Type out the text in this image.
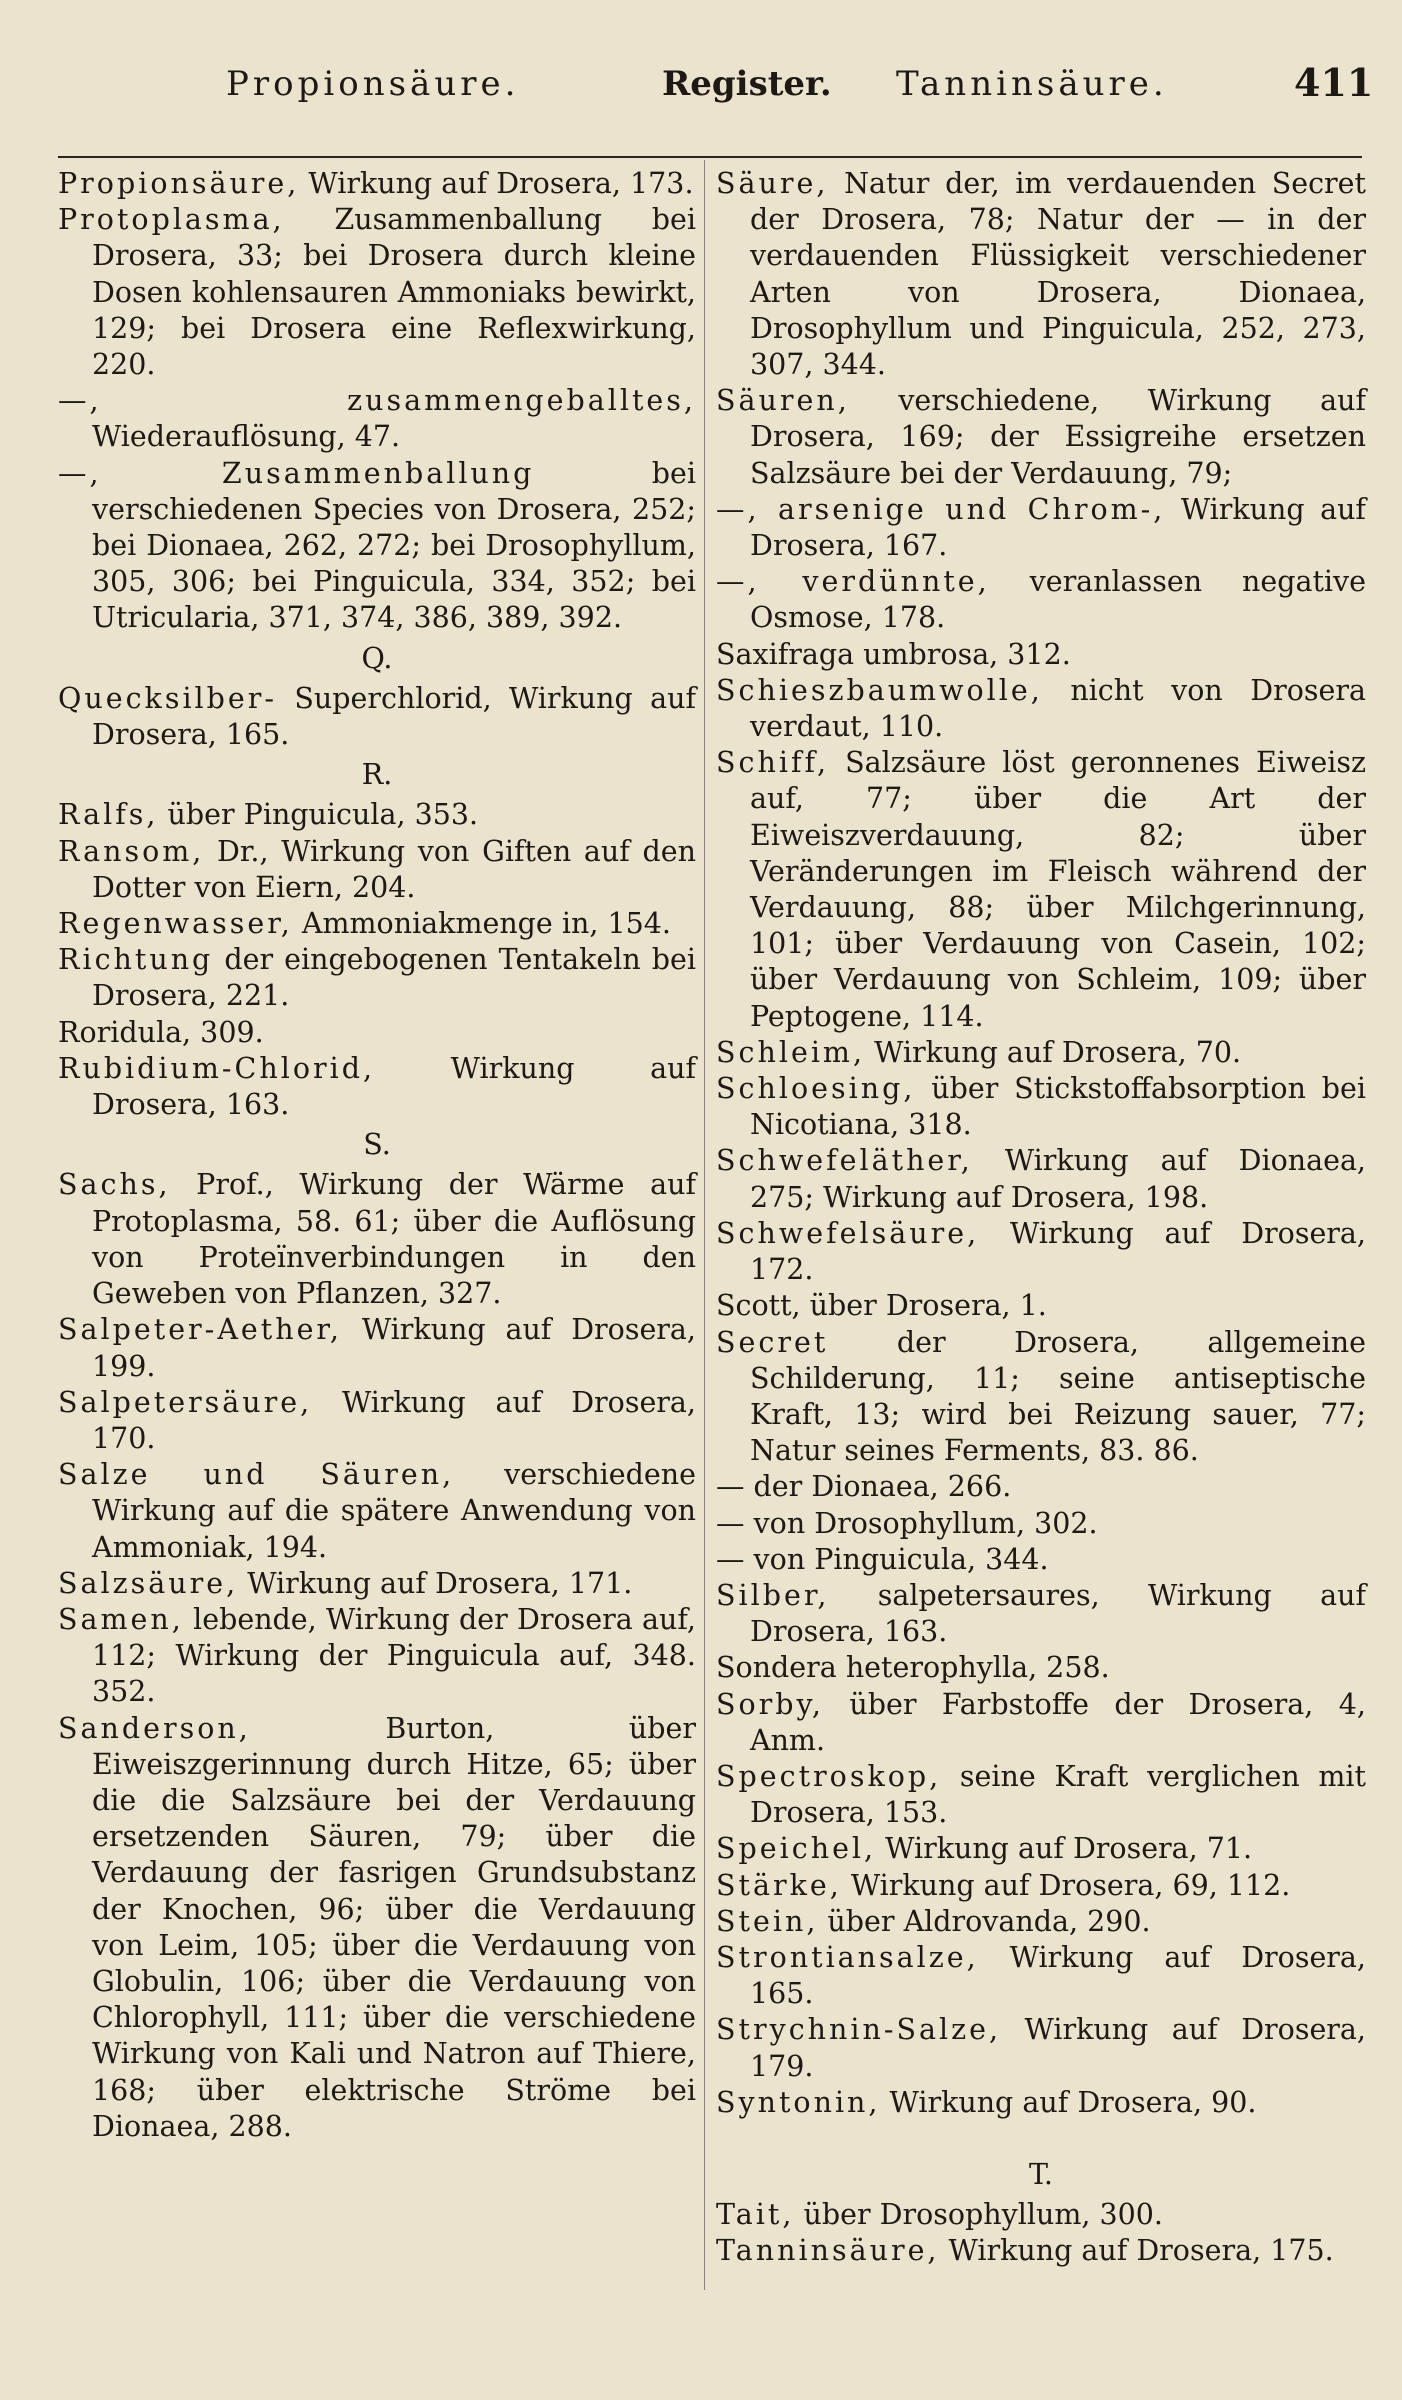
Propionsäure.	Register. Tanninsäure.	411

Propionsäure, Wirkung auf Drosera, 173.

Protoplasma, Zusammenballung bei Drosera, 33; bei Drosera durch kleine Dosen kohlensauren Ammoniaks bewirkt, 129; bei Drosera eine Reflexwirkung, 220.

—, zusammengeballtes, Wiederauflösung, 47.

—, Zusammenballung bei verschiedenen Species von Drosera, 252; bei Dionaea, 262, 272; bei Drosophyllum, 305, 306; bei Pinguicula, 334, 352; bei Utricularia, 371, 374, 386, 389, 392.

Q.

Quecksilber- Superchlorid, Wirkung auf Drosera, 165.

R.

Ralfs, über Pinguicula, 353.

Ransom, Dr., Wirkung von Giften auf den Dotter von Eiern, 204.

Regenwasser, Ammoniakmenge in, 154.

Richtung der eingebogenen Tentakeln bei Drosera, 221.

Roridula, 309.

Rubidium-Chlorid, Wirkung auf Drosera, 163.

S.

Sachs, Prof., Wirkung der Wärme auf Protoplasma, 58. 61; über die Auflösung von Proteïnverbindungen in den Geweben von Pflanzen, 327.

Salpeter-Aether, Wirkung auf Drosera, 199.

Salpetersäure, Wirkung auf Drosera, 170.

Salze und Säuren, verschiedene Wirkung auf die spätere Anwendung von Ammoniak, 194.

Salzsäure, Wirkung auf Drosera, 171.

Samen, lebende, Wirkung der Drosera auf, 112; Wirkung der Pinguicula auf, 348. 352.

Sanderson, Burton, über Eiweiszgerinnung durch Hitze, 65; über die die Salzsäure bei der Verdauung ersetzenden Säuren, 79; über die Verdauung der fasrigen Grundsubstanz der Knochen, 96; über die Verdauung von Leim, 105; über die Verdauung von Globulin, 106; über die Verdauung von Chlorophyll, 111; über die verschiedene Wirkung von Kali und Natron auf Thiere, 168; über elektrische Ströme bei Dionaea, 288.

Säure, Natur der, im verdauenden Secret der Drosera, 78; Natur der — in der verdauenden Flüssigkeit verschiedener Arten von Drosera, Dionaea, Drosophyllum und Pinguicula, 252, 273, 307, 344.

Säuren, verschiedene, Wirkung auf Drosera, 169; der Essigreihe ersetzen Salzsäure bei der Verdauung, 79;

—, arsenige und Chrom-, Wirkung auf Drosera, 167.

—, verdünnte, veranlassen negative Osmose, 178.

Saxifraga umbrosa, 312.

Schieszbaumwolle, nicht von Drosera verdaut, 110.

Schiff, Salzsäure löst geronnenes Eiweisz auf, 77; über die Art der Eiweiszverdauung, 82; über Veränderungen im Fleisch während der Verdauung, 88; über Milchgerinnung, 101; über Verdauung von Casein, 102; über Verdauung von Schleim, 109; über Peptogene, 114.

Schleim, Wirkung auf Drosera, 70.

Schloesing, über Stickstoffabsorption bei Nicotiana, 318.

Schwefeläther, Wirkung auf Dionaea, 275; Wirkung auf Drosera, 198.

Schwefelsäure, Wirkung auf Drosera, 172.

Scott, über Drosera, 1.

Secret der Drosera, allgemeine Schilderung, 11; seine antiseptische Kraft, 13; wird bei Reizung sauer, 77; Natur seines Ferments, 83. 86.

— der Dionaea, 266.

— von Drosophyllum, 302.

— von Pinguicula, 344.

Silber, salpetersaures, Wirkung auf Drosera, 163.

Sondera heterophylla, 258.

Sorby, über Farbstoffe der Drosera, 4, Anm.

Spectroskop, seine Kraft verglichen mit Drosera, 153.

Speichel, Wirkung auf Drosera, 71.

Stärke, Wirkung auf Drosera, 69, 112.

Stein, über Aldrovanda, 290.

Strontiansalze, Wirkung auf Drosera, 165.

Strychnin-Salze, Wirkung auf Drosera, 179.

Syntonin, Wirkung auf Drosera, 90.

T.

Tait, über Drosophyllum, 300.

Tanninsäure, Wirkung auf Drosera, 175.
